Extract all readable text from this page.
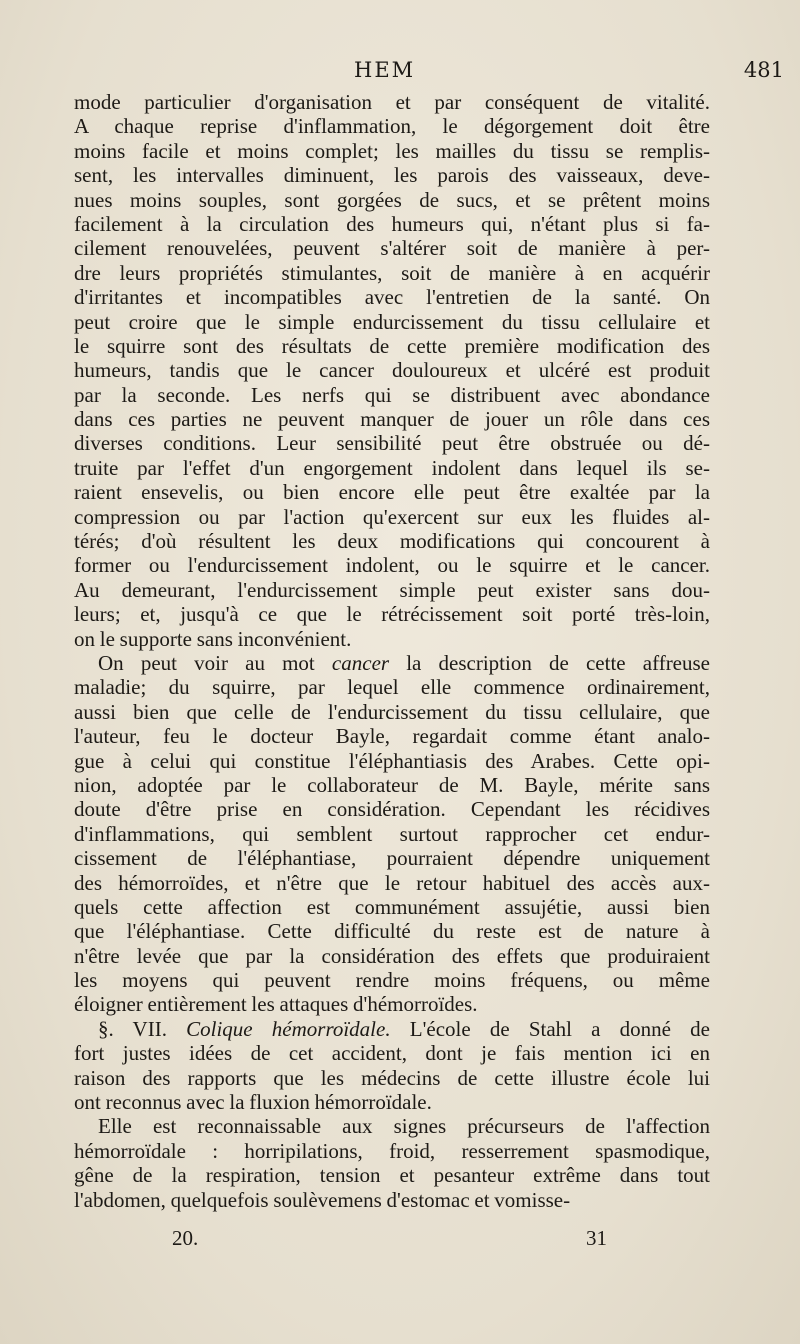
HEM	481
mode particulier d'organisation et par conséquent de vitalité.
A chaque reprise d'inflammation, le dégorgement doit être
moins facile et moins complet; les mailles du tissu se remplis-
sent, les intervalles diminuent, les parois des vaisseaux, deve-
nues moins souples, sont gorgées de sucs, et se prêtent moins
facilement à la circulation des humeurs qui, n'étant plus si fa-
cilement renouvelées, peuvent s'altérer soit de manière à per-
dre leurs propriétés stimulantes, soit de manière à en acquérir
d'irritantes et incompatibles avec l'entretien de la santé. On
peut croire que le simple endurcissement du tissu cellulaire et
le squirre sont des résultats de cette première modification des
humeurs, tandis que le cancer douloureux et ulcéré est produit
par la seconde. Les nerfs qui se distribuent avec abondance
dans ces parties ne peuvent manquer de jouer un rôle dans ces
diverses conditions. Leur sensibilité peut être obstruée ou dé-
truite par l'effet d'un engorgement indolent dans lequel ils se-
raient ensevelis, ou bien encore elle peut être exaltée par la
compression ou par l'action qu'exercent sur eux les fluides al-
térés; d'où résultent les deux modifications qui concourent à
former ou l'endurcissement indolent, ou le squirre et le cancer.
Au demeurant, l'endurcissement simple peut exister sans dou-
leurs; et, jusqu'à ce que le rétrécissement soit porté très-loin,
on le supporte sans inconvénient.
On peut voir au mot cancer la description de cette affreuse
maladie; du squirre, par lequel elle commence ordinairement,
aussi bien que celle de l'endurcissement du tissu cellulaire, que
l'auteur, feu le docteur Bayle, regardait comme étant analo-
gue à celui qui constitue l'éléphantiasis des Arabes. Cette opi-
nion, adoptée par le collaborateur de M. Bayle, mérite sans
doute d'être prise en considération. Cependant les récidives
d'inflammations, qui semblent surtout rapprocher cet endur-
cissement de l'éléphantiase, pourraient dépendre uniquement
des hémorroïdes, et n'être que le retour habituel des accès aux-
quels cette affection est communément assujétie, aussi bien
que l'éléphantiase. Cette difficulté du reste est de nature à
n'être levée que par la considération des effets que produiraient
les moyens qui peuvent rendre moins fréquens, ou même
éloigner entièrement les attaques d'hémorroïdes.
§. VII. Colique hémorroïdale. L'école de Stahl a donné de
fort justes idées de cet accident, dont je fais mention ici en
raison des rapports que les médecins de cette illustre école lui
ont reconnus avec la fluxion hémorroïdale.
Elle est reconnaissable aux signes précurseurs de l'affection
hémorroïdale : horripilations, froid, resserrement spasmodique,
gêne de la respiration, tension et pesanteur extrême dans tout
l'abdomen, quelquefois soulèvemens d'estomac et vomisse-
20.	31
